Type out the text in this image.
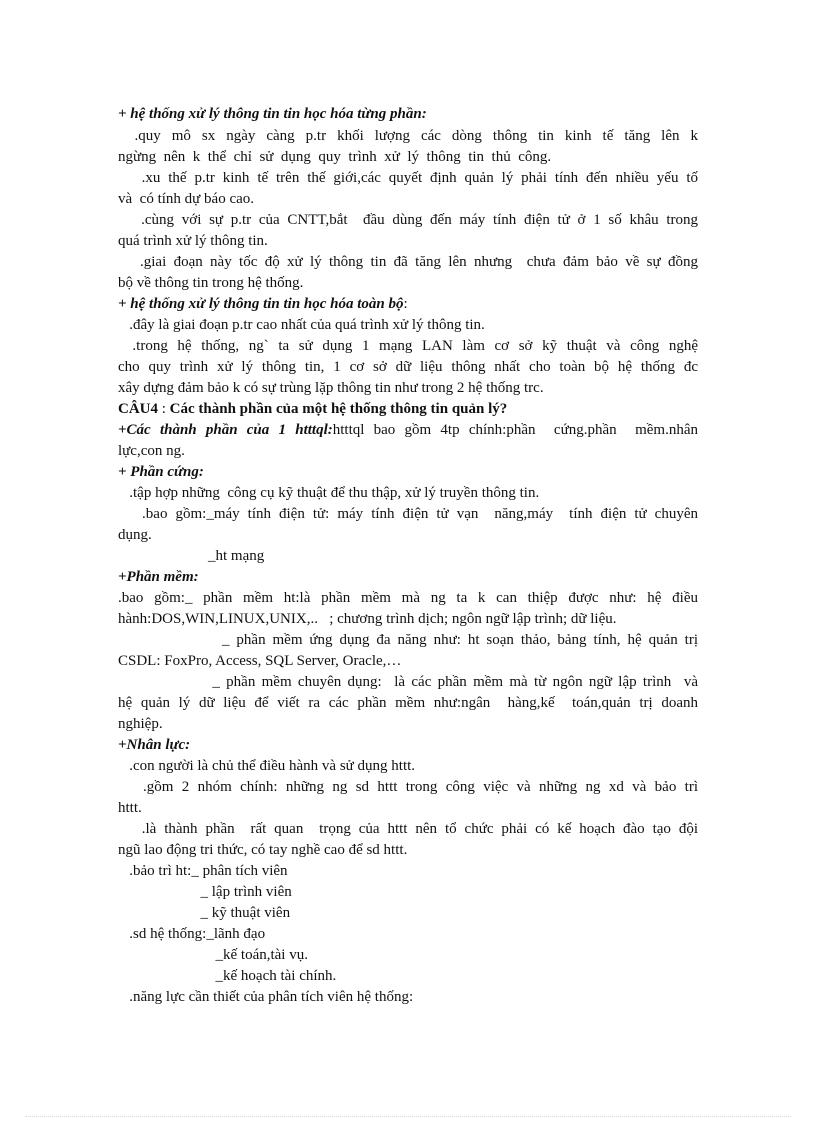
+ hệ thống xử lý thông tin tin học hóa từng phần:
.quy  mô  sx  ngày  càng  p.tr  khối  lượng  các  dòng  thông  tin  kinh  tế  tăng  lên  k
ngừng  nên  k  thể  chỉ  sử  dụng  quy  trình  xử  lý  thông  tin  thủ  công.
.xu thế p.tr kinh tế trên thế giới,các quyết định quản lý phải tính đến nhiều yếu tố
và  có tính dự báo cao.
.cùng với sự p.tr của CNTT,bắt  đầu dùng đến máy tính điện tử ở 1 số khâu trong
quá trình xử lý thông tin.
.giai đoạn này tốc độ xử lý thông tin đã tăng lên nhưng  chưa đảm bảo về sự đồng
bộ về thông tin trong hệ thống.
+ hệ thống xử lý thông tin tin học hóa toàn bộ:
.đây là giai đoạn p.tr cao nhất của quá trình xử lý thông tin.
.trong  hệ  thống,  ng`  ta  sử  dụng  1  mạng  LAN  làm  cơ  sở  kỹ  thuật  và  công  nghệ
cho  quy  trình  xử  lý  thông  tin,  1  cơ  sở  dữ  liệu  thông  nhất  cho  toàn  bộ  hệ  thống  đc
xây dựng đảm bảo k có sự trùng lặp thông tin như trong 2 hệ thống trc.
CÂU4 : Các thành phần của một hệ thống thông tin quản lý?
+Các thành phần của 1 htttql:htttql bao gồm 4tp chính:phần  cứng.phần  mềm.nhân
lực,con ng.
+ Phần cứng:
.tập hợp những  công cụ kỹ thuật để thu thập, xử lý truyền thông tin.
.bao gồm:_máy tính điện tử: máy tính điện tử vạn  năng,máy  tính điện tử chuyên
dụng.
_ht mạng
+Phần mềm:
.bao  gồm:_  phần  mềm  ht:là  phần  mềm  mà  ng  ta  k  can  thiệp  được  như:  hệ  điều
hành:DOS,WIN,LINUX,UNIX,..   ; chương trình dịch; ngôn ngữ lập trình; dữ liệu.
_ phần mềm ứng dụng đa năng như: ht soạn thảo, bảng tính, hệ quản trị
CSDL: FoxPro, Access, SQL Server, Oracle,…
_ phần mềm chuyên dụng:  là các phần mềm mà từ ngôn ngữ lập trình  và
hệ quản lý dữ liệu để viết ra các phần mềm như:ngân  hàng,kế  toán,quản trị doanh
nghiệp.
+Nhân lực:
.con người là chủ thể điều hành và sử dụng httt.
.gồm 2 nhóm chính: những ng sd httt trong công việc và những ng xd và bảo trì
httt.
.là thành phần  rất quan  trọng của httt nên tổ chức phải có kế hoạch đào tạo đội
ngũ lao động tri thức, có tay nghề cao để sd httt.
.bảo trì ht:_ phân tích viên
_ lập trình viên
_ kỹ thuật viên
.sd hệ thống:_lãnh đạo
_kế toán,tài vụ.
_kế hoạch tài chính.
.năng lực cần thiết của phân tích viên hệ thống:
